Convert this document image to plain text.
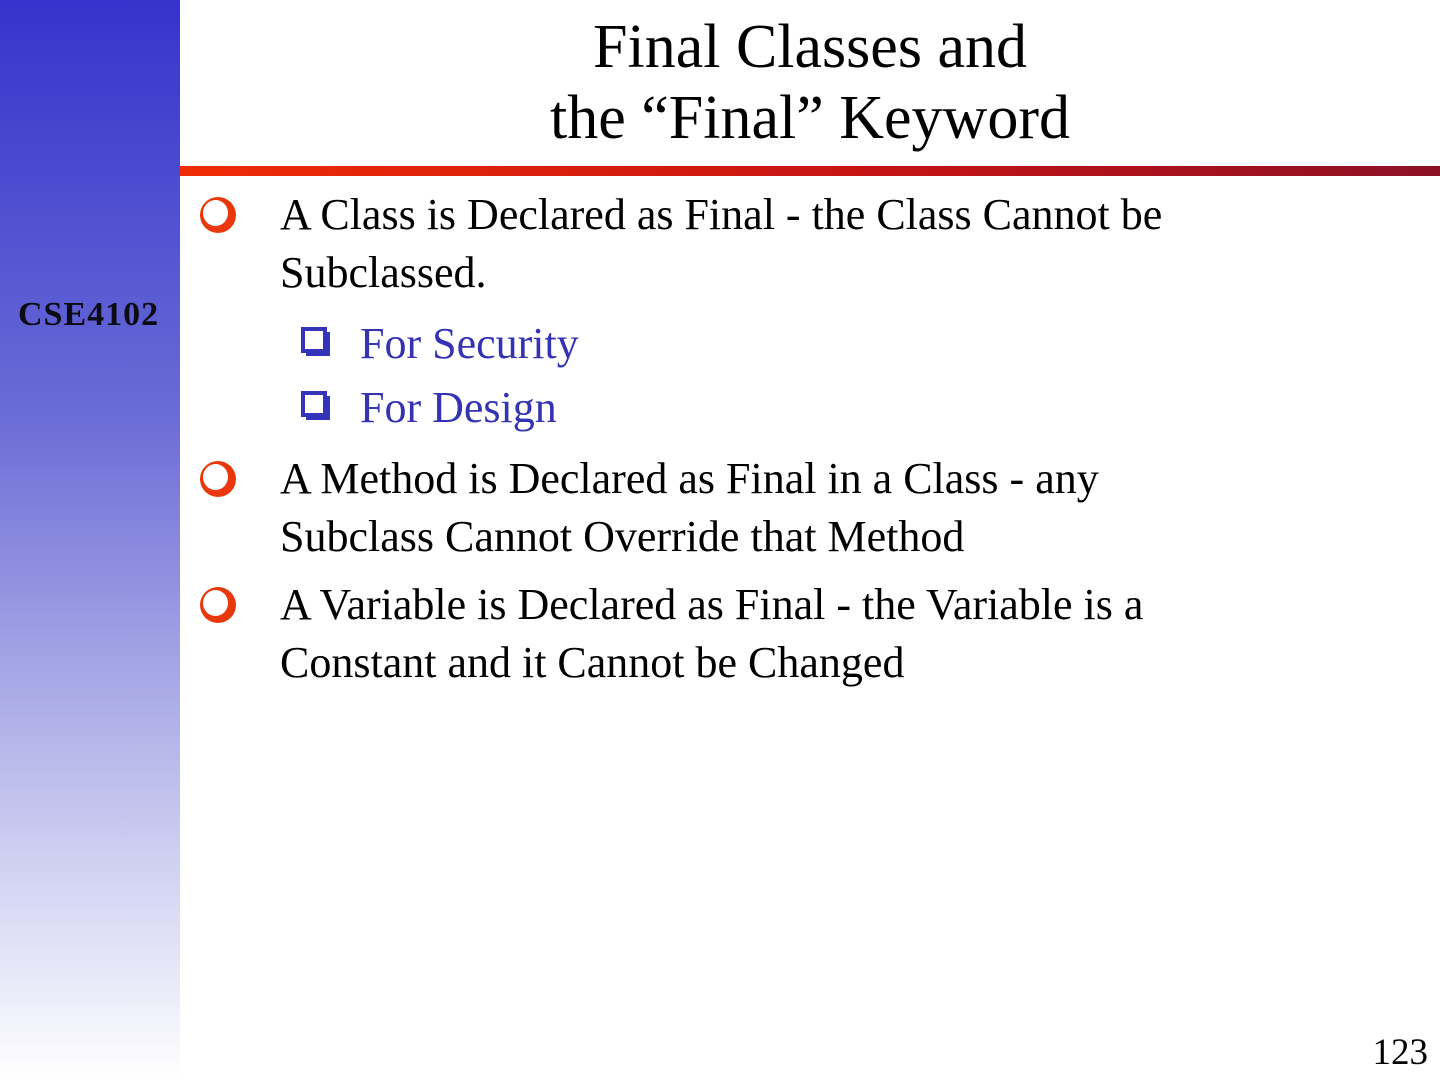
CSE4102
Final Classes and
the “Final” Keyword
A Class is Declared as Final - the Class Cannot be
Subclassed.
For Security
For Design
A Method is Declared as Final in a Class - any
Subclass Cannot Override that Method
A Variable is Declared as Final - the Variable is a
Constant and it Cannot be Changed
123
